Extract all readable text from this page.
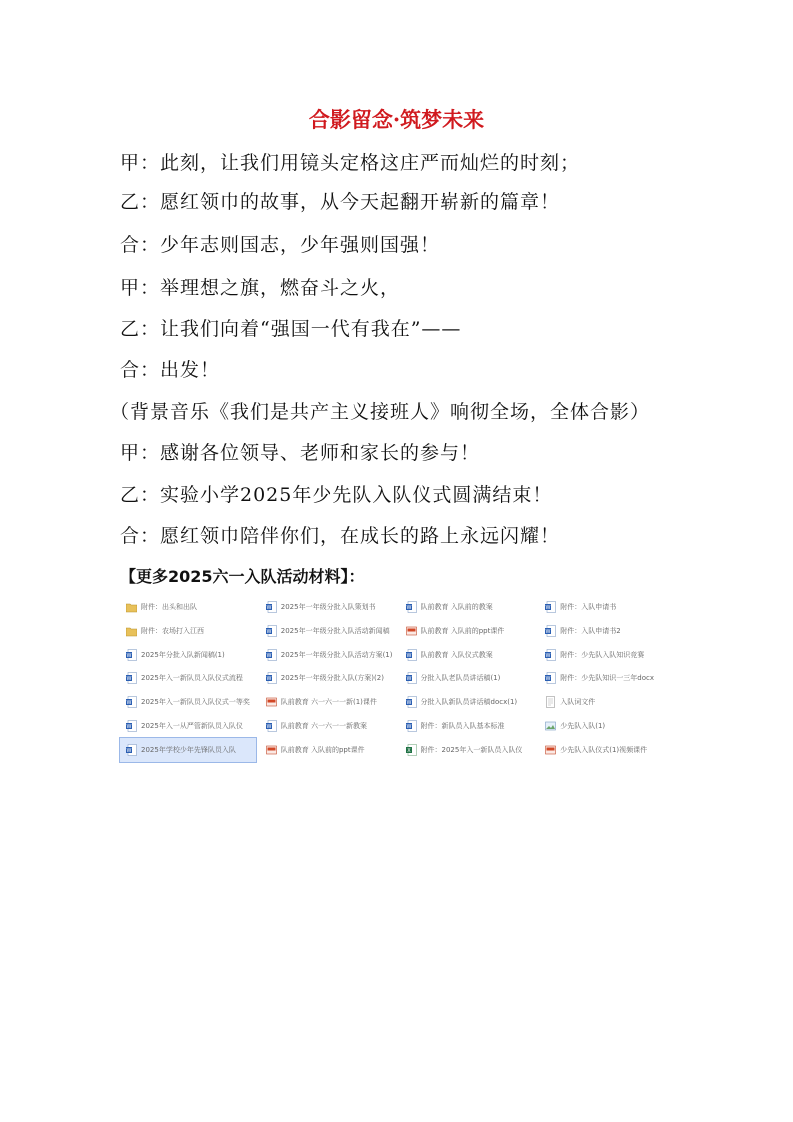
合影留念·筑梦未来
甲：此刻，让我们用镜头定格这庄严而灿烂的时刻；
乙：愿红领巾的故事，从今天起翻开崭新的篇章！
合：少年志则国志，少年强则国强！
甲：举理想之旗，燃奋斗之火，
乙：让我们向着“强国一代有我在”——
合：出发！
（背景音乐《我们是共产主义接班人》响彻全场，全体合影）
甲：感谢各位领导、老师和家长的参与！
乙：实验小学2025年少先队入队仪式圆满结束！
合：愿红领巾陪伴你们，在成长的路上永远闪耀！
【更多2025六一入队活动材料】：
附件：出头和出队	W 2025年一年级分批入队策划书	W 队前教育 入队前的教案	W 附件：入队申请书
附件：农场打入江西	W 2025年一年级分批入队活动新闻稿	队前教育 入队前的ppt课件	W 附件：入队申请书2
W 2025年分批入队新闻稿(1)	W 2025年一年级分批入队活动方案(1)	W 队前教育 入队仪式教案	W 附件：少先队入队知识竞赛
W 2025年入一新队员入队仪式流程	W 2025年一年级分批入队(方案)(2)	W 分批入队老队员讲话稿(1)	W 附件：少先队知识一三年docx
W 2025年入一新队员入队仪式一等奖	队前教育 六一六一一新(1)课件	W 分批入队新队员讲话稿docx(1)	入队词文件
W 2025年入一从严管新队员入队仪	W 队前教育 六一六一一新教案	W 附件：新队员入队基本标准	少先队入队(1)
W 2025年学校少年先锋队员入队	队前教育 入队前的ppt课件	X 附件：2025年入一新队员入队仪	少先队入队仪式(1)视频课件
